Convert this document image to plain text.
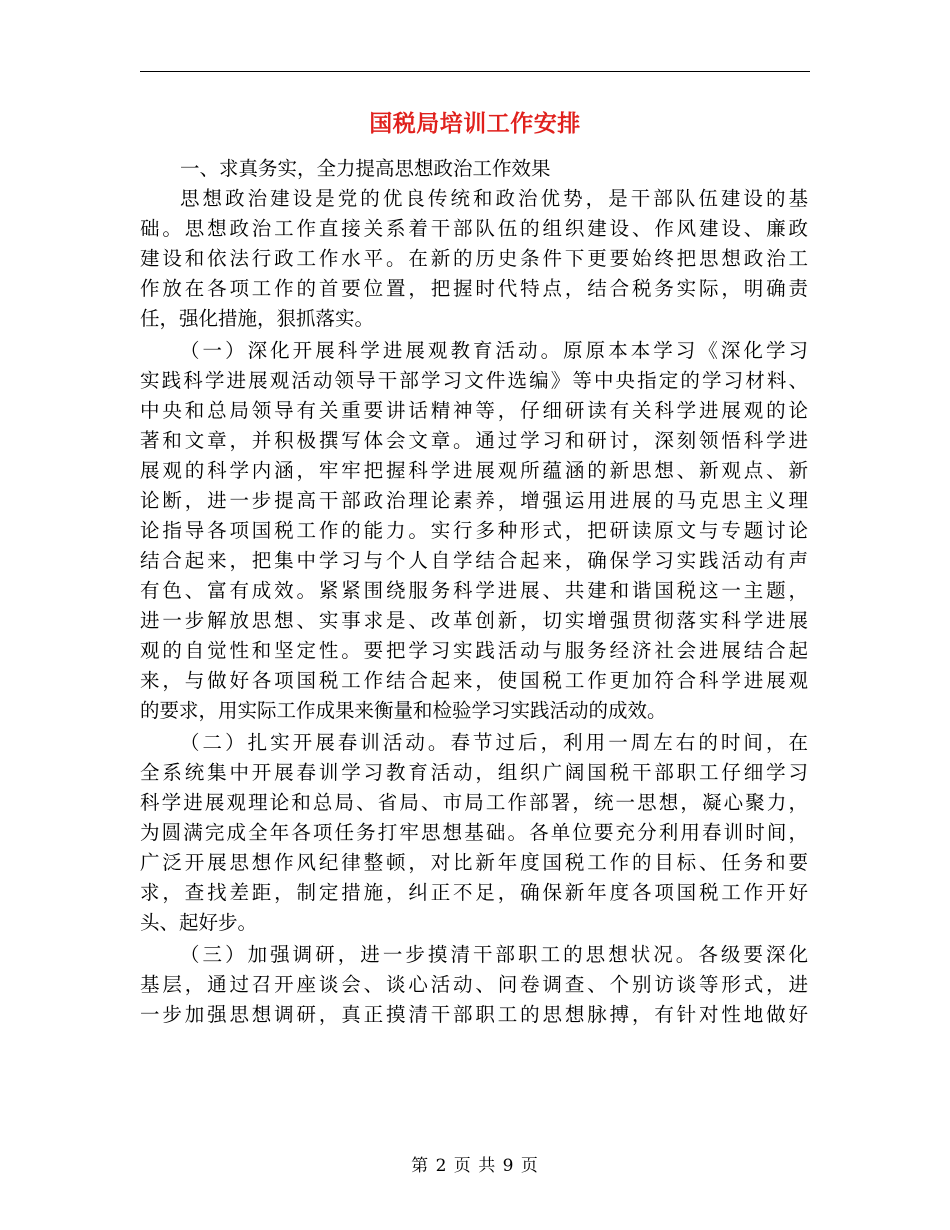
国税局培训工作安排
一、求真务实，全力提高思想政治工作效果
思想政治建设是党的优良传统和政治优势，是干部队伍建设的基
础。思想政治工作直接关系着干部队伍的组织建设、作风建设、廉政
建设和依法行政工作水平。在新的历史条件下更要始终把思想政治工
作放在各项工作的首要位置，把握时代特点，结合税务实际，明确责
任，强化措施，狠抓落实。
（一）深化开展科学进展观教育活动。原原本本学习《深化学习
实践科学进展观活动领导干部学习文件选编》等中央指定的学习材料、
中央和总局领导有关重要讲话精神等，仔细研读有关科学进展观的论
著和文章，并积极撰写体会文章。通过学习和研讨，深刻领悟科学进
展观的科学内涵，牢牢把握科学进展观所蕴涵的新思想、新观点、新
论断，进一步提高干部政治理论素养，增强运用进展的马克思主义理
论指导各项国税工作的能力。实行多种形式，把研读原文与专题讨论
结合起来，把集中学习与个人自学结合起来，确保学习实践活动有声
有色、富有成效。紧紧围绕服务科学进展、共建和谐国税这一主题，
进一步解放思想、实事求是、改革创新，切实增强贯彻落实科学进展
观的自觉性和坚定性。要把学习实践活动与服务经济社会进展结合起
来，与做好各项国税工作结合起来，使国税工作更加符合科学进展观
的要求，用实际工作成果来衡量和检验学习实践活动的成效。
（二）扎实开展春训活动。春节过后，利用一周左右的时间，在
全系统集中开展春训学习教育活动，组织广阔国税干部职工仔细学习
科学进展观理论和总局、省局、市局工作部署，统一思想，凝心聚力，
为圆满完成全年各项任务打牢思想基础。各单位要充分利用春训时间，
广泛开展思想作风纪律整顿，对比新年度国税工作的目标、任务和要
求，查找差距，制定措施，纠正不足，确保新年度各项国税工作开好
头、起好步。
（三）加强调研，进一步摸清干部职工的思想状况。各级要深化
基层，通过召开座谈会、谈心活动、问卷调查、个别访谈等形式，进
一步加强思想调研，真正摸清干部职工的思想脉搏，有针对性地做好
第 2 页 共 9 页
